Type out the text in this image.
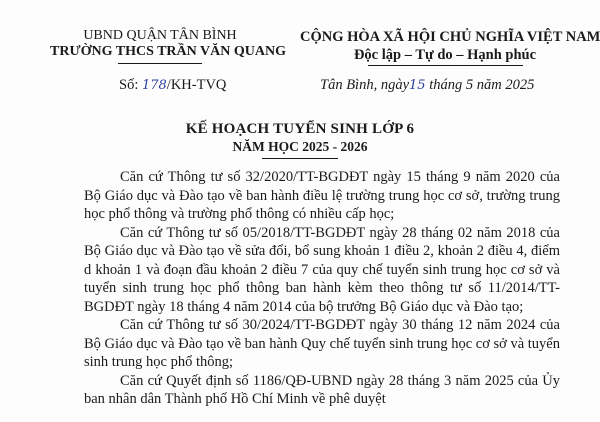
UBND QUẬN TÂN BÌNH
TRƯỜNG THCS TRẦN VĂN QUANG
CỘNG HÒA XÃ HỘI CHỦ NGHĨA VIỆT NAM
Độc lập – Tự do – Hạnh phúc
Số: 178/KH-TVQ	Tân Bình, ngày15 tháng 5 năm 2025
KẾ HOẠCH TUYỂN SINH LỚP 6
NĂM HỌC 2025 - 2026

Căn cứ Thông tư số 32/2020/TT-BGDĐT ngày 15 tháng 9 năm 2020 của Bộ Giáo dục và Đào tạo về ban hành điều lệ trường trung học cơ sở, trường trung học phổ thông và trường phổ thông có nhiều cấp học;

Căn cứ Thông tư số 05/2018/TT-BGDĐT ngày 28 tháng 02 năm 2018 của Bộ Giáo dục và Đào tạo về sửa đổi, bổ sung khoản 1 điều 2, khoản 2 điều 4, điểm d khoản 1 và đoạn đầu khoản 2 điều 7 của quy chế tuyển sinh trung học cơ sở và tuyển sinh trung học phổ thông ban hành kèm theo thông tư số 11/2014/TT-BGDĐT ngày 18 tháng 4 năm 2014 của bộ trưởng Bộ Giáo dục và Đào tạo;

Căn cứ Thông tư số 30/2024/TT-BGDĐT ngày 30 tháng 12 năm 2024 của Bộ Giáo dục và Đào tạo về ban hành Quy chế tuyển sinh trung học cơ sở và tuyển sinh trung học phổ thông;

Căn cứ Quyết định số 1186/QĐ-UBND ngày 28 tháng 3 năm 2025 của Ủy ban nhân dân Thành phố Hồ Chí Minh về phê duyệt
